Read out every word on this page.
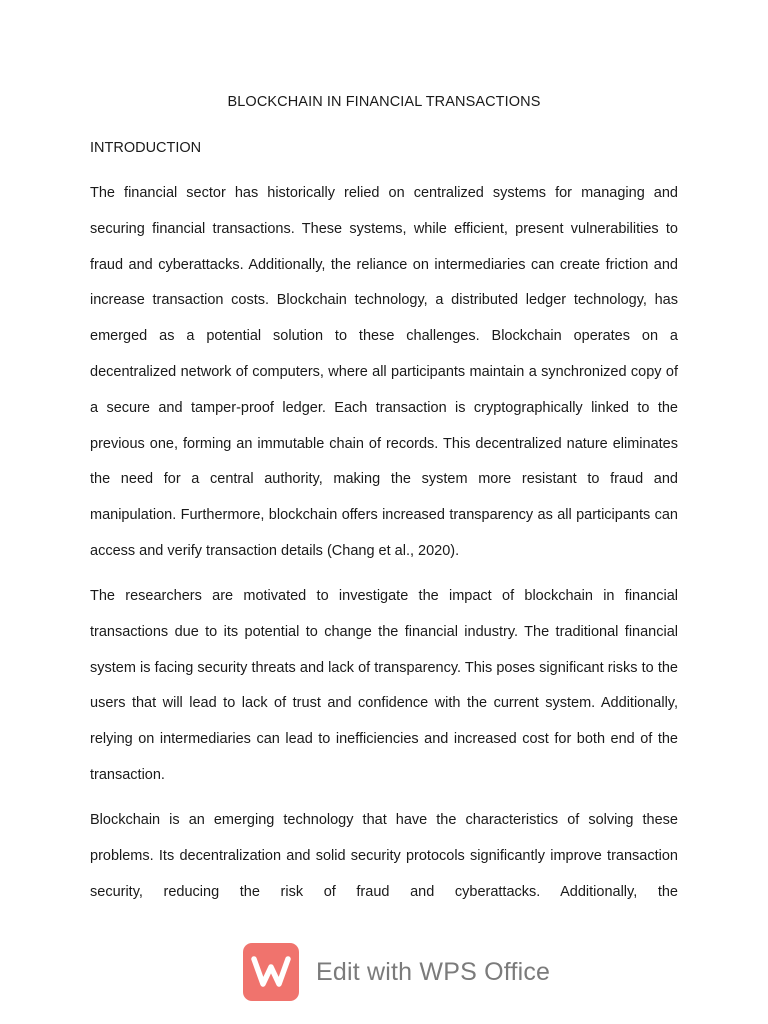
BLOCKCHAIN IN FINANCIAL TRANSACTIONS
INTRODUCTION

The financial sector has historically relied on centralized systems for managing and securing financial transactions. These systems, while efficient, present vulnerabilities to fraud and cyberattacks. Additionally, the reliance on intermediaries can create friction and increase transaction costs. Blockchain technology, a distributed ledger technology, has emerged as a potential solution to these challenges. Blockchain operates on a decentralized network of computers, where all participants maintain a synchronized copy of a secure and tamper-proof ledger. Each transaction is cryptographically linked to the previous one, forming an immutable chain of records. This decentralized nature eliminates the need for a central authority, making the system more resistant to fraud and manipulation. Furthermore, blockchain offers increased transparency as all participants can access and verify transaction details (Chang et al., 2020).

The researchers are motivated to investigate the impact of blockchain in financial transactions due to its potential to change the financial industry. The traditional financial system is facing security threats and lack of transparency. This poses significant risks to the users that will lead to lack of trust and confidence with the current system. Additionally, relying on intermediaries can lead to inefficiencies and increased cost for both end of the transaction.

Blockchain is an emerging technology that have the characteristics of solving these problems. Its decentralization and solid security protocols significantly improve transaction security, reducing the risk of fraud and cyberattacks. Additionally, the

Edit with WPS Office
